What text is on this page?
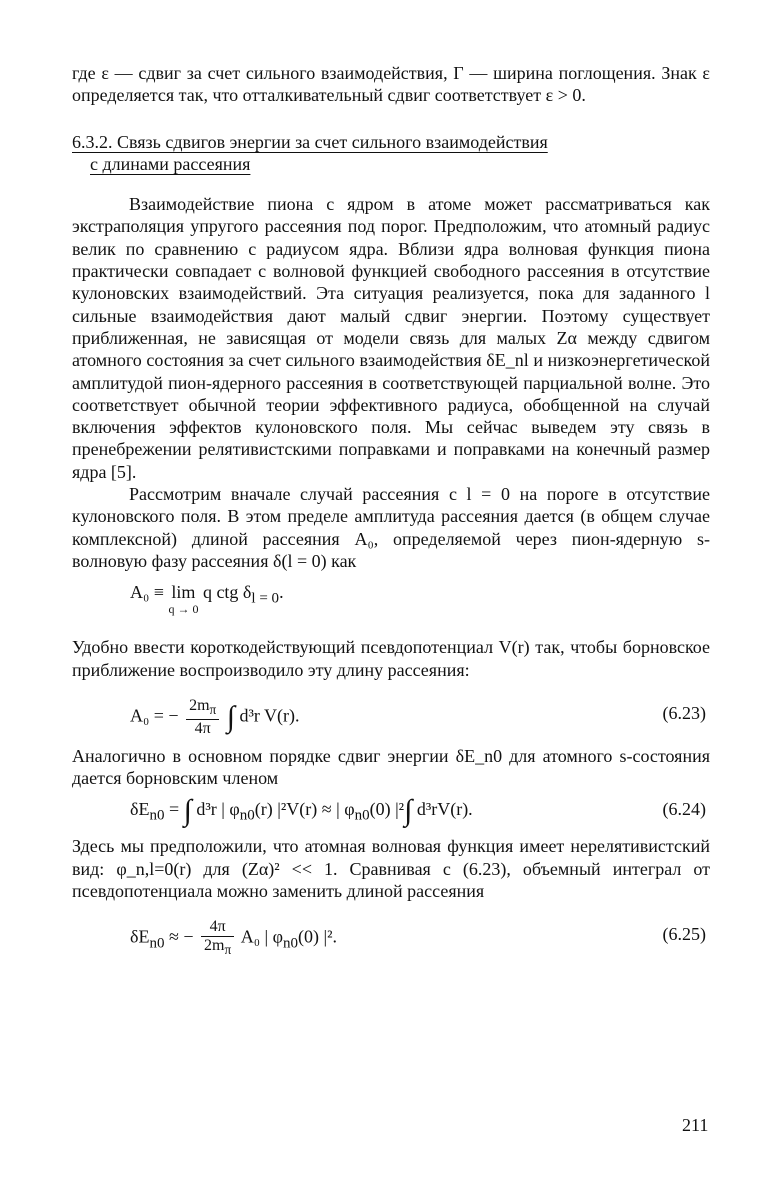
где ε — сдвиг за счет сильного взаимодействия, Γ — ширина поглощения. Знак ε определяется так, что отталкивательный сдвиг соответствует ε > 0.

6.3.2. Связь сдвигов энергии за счет сильного взаимодействия
с длинами рассеяния

Взаимодействие пиона с ядром в атоме может рассматриваться как экстраполяция упругого рассеяния под порог. Предположим, что атомный радиус велик по сравнению с радиусом ядра. Вблизи ядра волновая функция пиона практически совпадает с волновой функцией свободного рассеяния в отсутствие кулоновских взаимодействий. Эта ситуация реализуется, пока для заданного l сильные взаимодействия дают малый сдвиг энергии. Поэтому существует приближенная, не зависящая от модели связь для малых Zα между сдвигом атомного состояния за счет сильного взаимодействия δE_nl и низкоэнергетической амплитудой пион-ядерного рассеяния в соответствующей парциальной волне. Это соответствует обычной теории эффективного радиуса, обобщенной на случай включения эффектов кулоновского поля. Мы сейчас выведем эту связь в пренебрежении релятивистскими поправками и поправками на конечный размер ядра [5].

Рассмотрим вначале случай рассеяния с l = 0 на пороге в отсутствие кулоновского поля. В этом пределе амплитуда рассеяния дается (в общем случае комплексной) длиной рассеяния A₀, определяемой через пион-ядерную s-волновую фазу рассеяния δ(l = 0) как

A₀ ≡ lim
q → 0
q ctg $\delta_{l = 0}$.

Удобно ввести короткодействующий псевдопотенциал V(r) так, чтобы борновское приближение воспроизводило эту длину рассеяния:

A₀ = − $\frac{2m_\pi}{4\pi}$ ∫ d³r V(r).	(6.23)

Аналогично в основном порядке сдвиг энергии δE_n0 для атомного s-состояния дается борновским членом

$\delta E_{n0}$ = ∫ d³r | $\varphi_{n0}(r) |^2V(r)$ ≈ | $\varphi_{n0}(0)$ |²∫ d³rV(r).	(6.24)

Здесь мы предположили, что атомная волновая функция имеет нерелятивистский вид: φ_n,l=0(r) для (Zα)² << 1. Сравнивая с (6.23), объемный интеграл от псевдопотенциала можно заменить длиной рассеяния

$\delta E_{n0}$ ≈ − $\frac{4\pi}{2m_\pi} A_0$ | $\varphi_{n0}(0)$ |².	(6.25)
211
